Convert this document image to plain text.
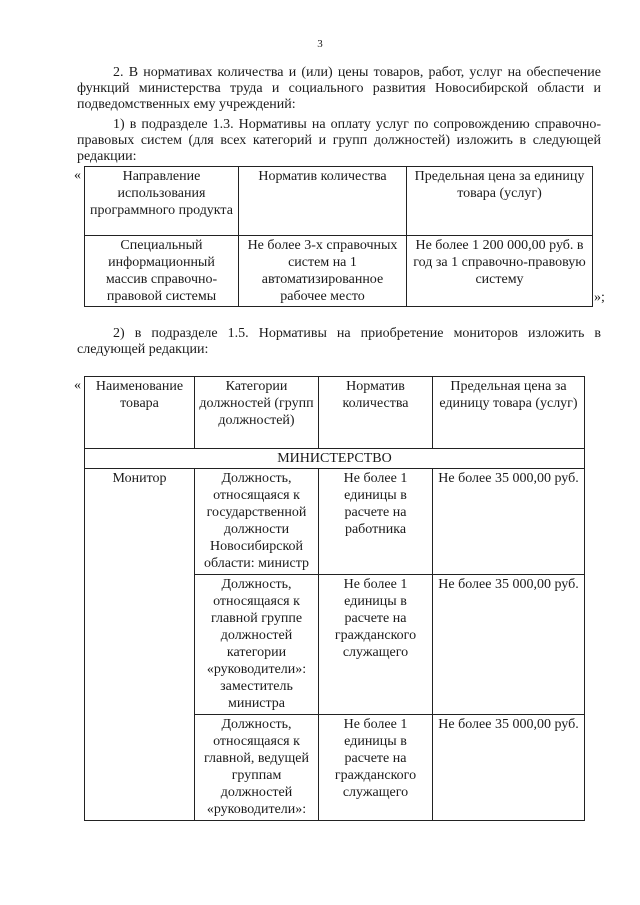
3
2. В нормативах количества и (или) цены товаров, работ, услуг на обеспечение функций министерства труда и социального развития Новосибирской области и подведомственных ему учреждений:
1) в подразделе 1.3. Нормативы на оплату услуг по сопровождению справочно-правовых систем (для всех категорий и групп должностей) изложить в следующей редакции:
«	Направление использования программного продукта	Норматив количества	Предельная цена за единицу товара (услуг)
Специальный информационный массив справочно-правовой системы	Не более 3-х справочных систем на 1 автоматизированное рабочее место	Не более 1 200 000,00 руб. в год за 1 справочно-правовую систему
»;
2) в подразделе 1.5. Нормативы на приобретение мониторов изложить в следующей редакции:
« Наименование товара	Категории должностей (групп должностей)	Норматив количества	Предельная цена за единицу товара (услуг)
МИНИСТЕРСТВО			
Монитор	Должность, относящаяся к государственной должности Новосибирской области: министр	Не более 1 единицы в расчете на работника	Не более 35 000,00 руб.
	Должность, относящаяся к главной группе должностей категории «руководители»: заместитель министра	Не более 1 единицы в расчете на гражданского служащего	Не более 35 000,00 руб.
	Должность, относящаяся к главной, ведущей группам должностей «руководители»:	Не более 1 единицы в расчете на гражданского служащего	Не более 35 000,00 руб.
